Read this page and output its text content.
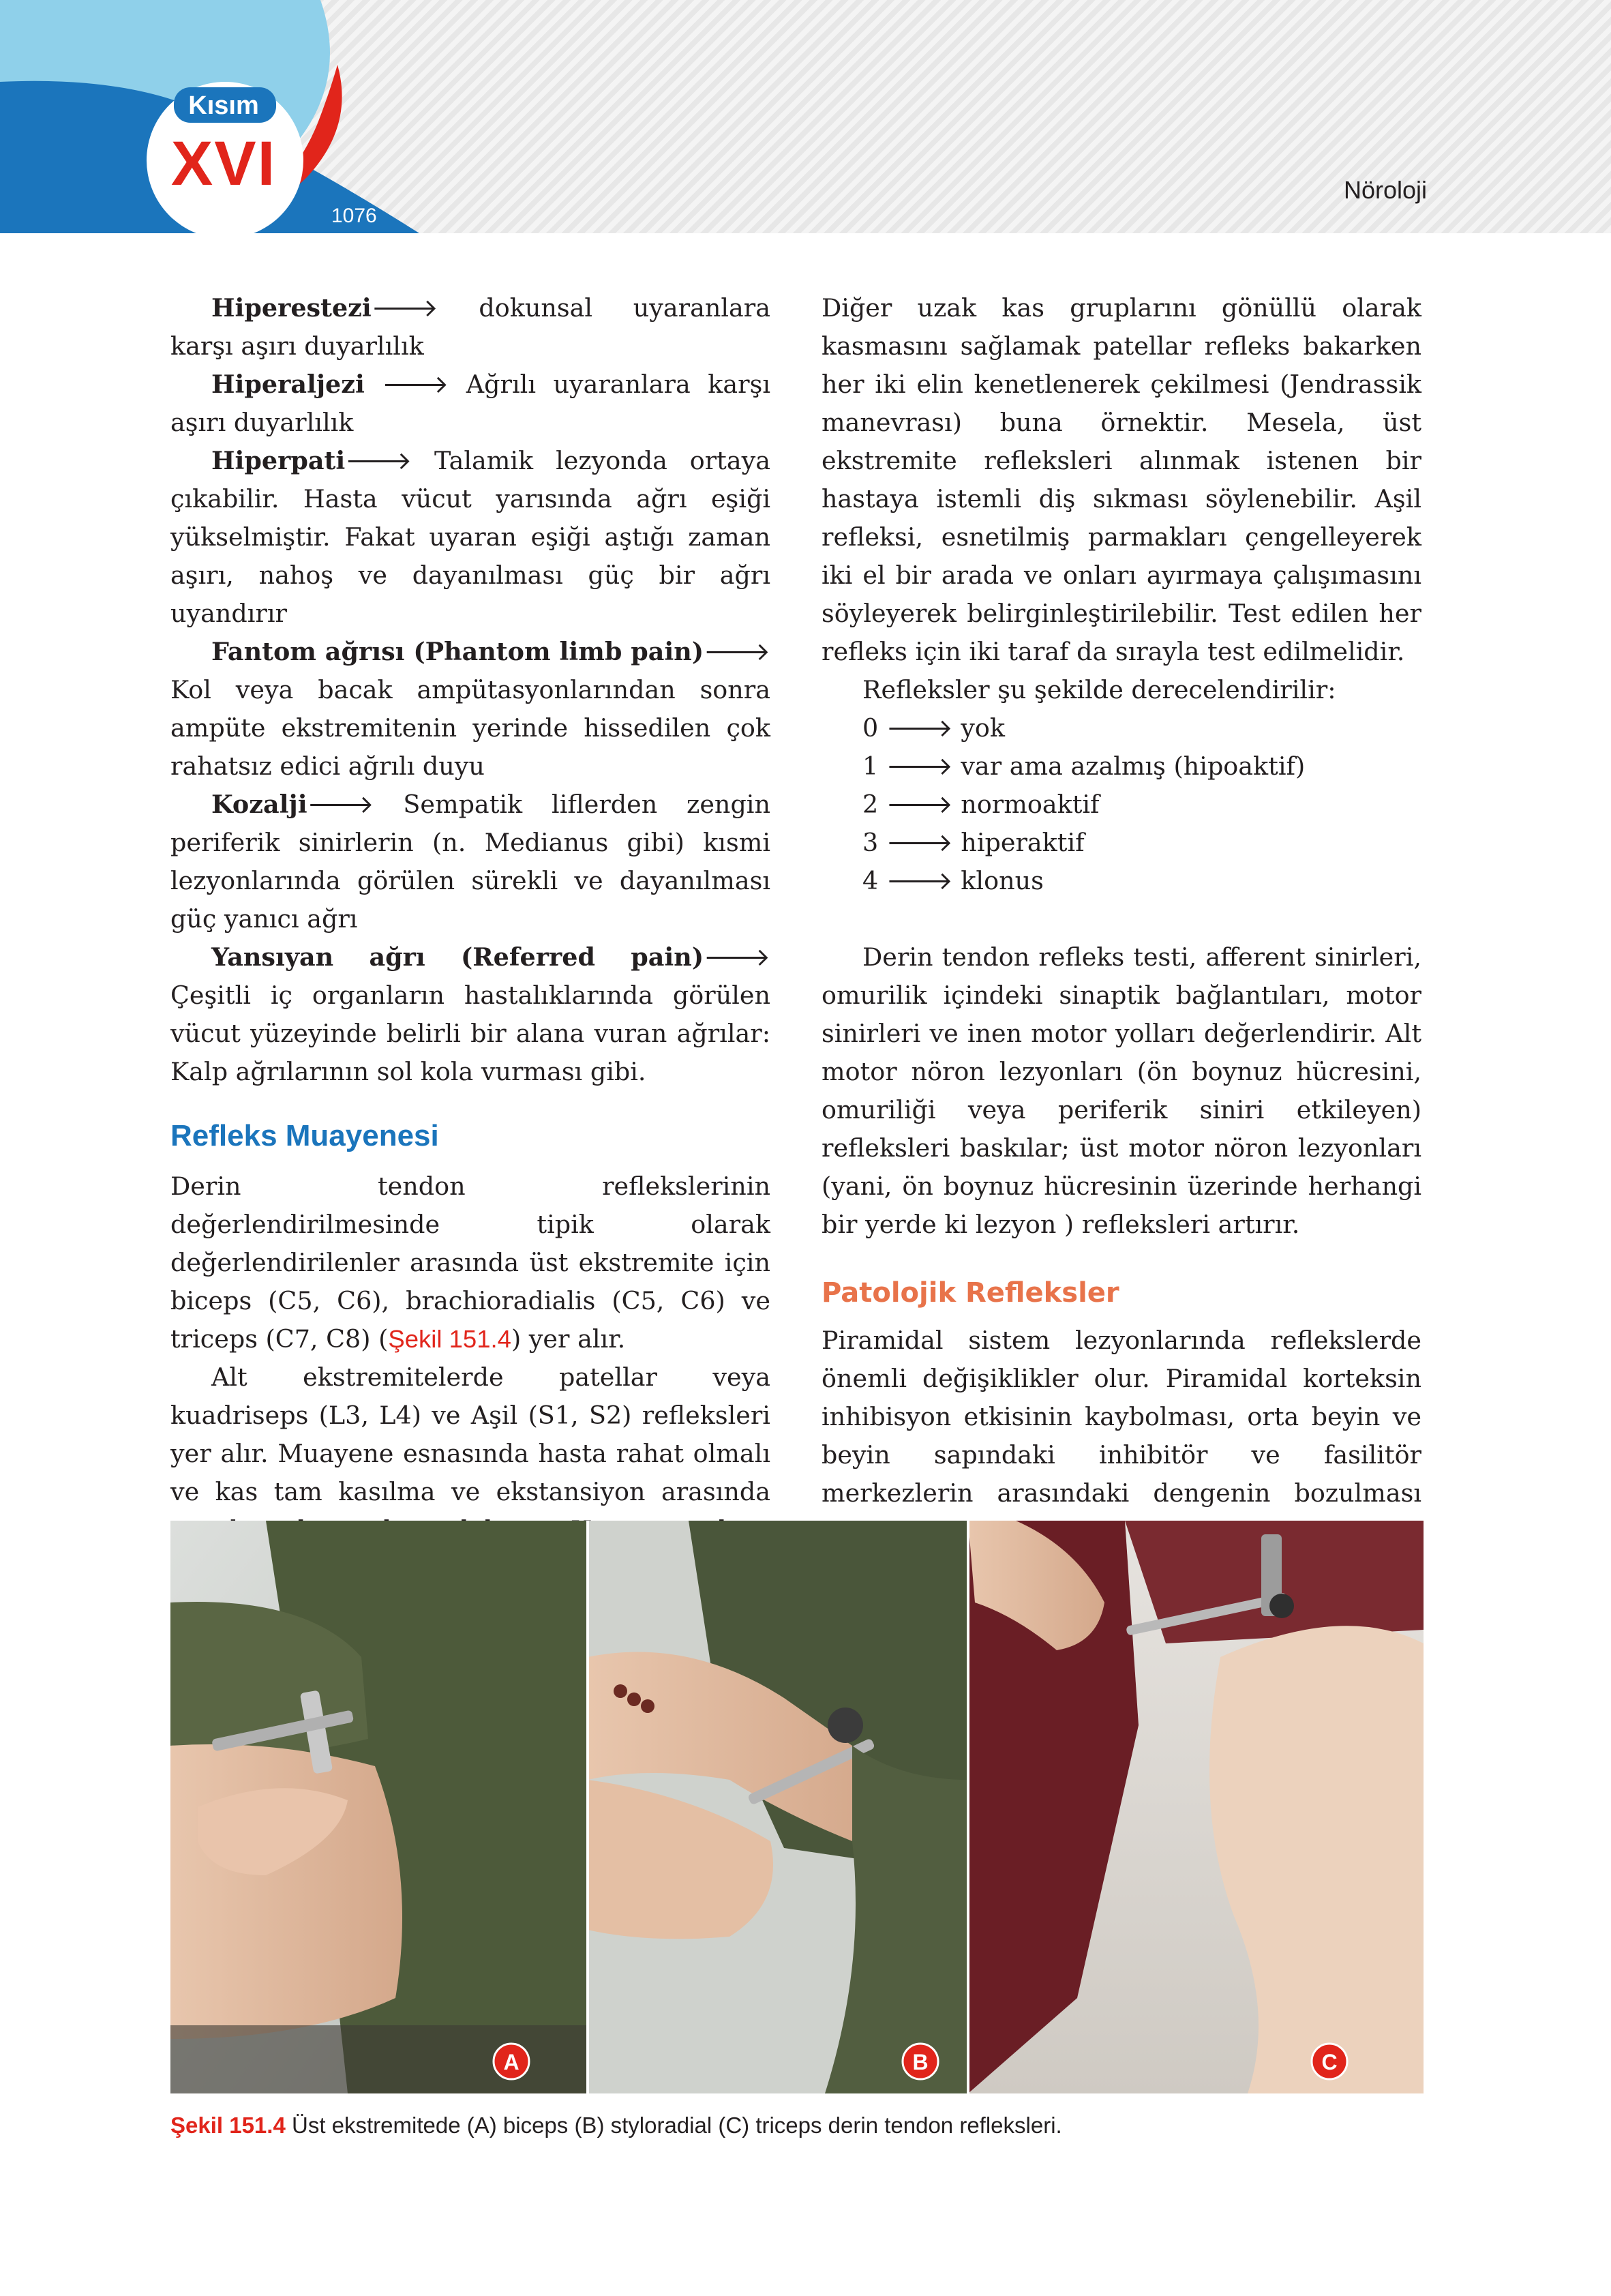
Kısım
XVI
1076
Nöroloji

Hiperestezi🡒 dokunsal uyaranlara karşı aşırı duyarlılık

Hiperaljezi 🡒 Ağrılı uyaranlara karşı aşırı duyarlılık

Hiperpati🡒 Talamik lezyonda ortaya çıkabilir. Hasta vücut yarısında ağrı eşiği yükselmiştir. Fakat uyaran eşiği aştığı zaman aşırı, nahoş ve dayanılması güç bir ağrı uyandırır

Fantom ağrısı (Phantom limb pain)🡒 Kol veya bacak ampütasyonlarından sonra ampüte ekstremitenin yerinde hissedilen çok rahatsız edici ağrılı duyu

Kozalji🡒 Sempatik liflerden zengin periferik sinirlerin (n. Medianus gibi) kısmi lezyonlarında görülen sürekli ve dayanılması güç yanıcı ağrı

Yansıyan ağrı (Referred pain)🡒 Çeşitli iç organların hastalıklarında görülen vücut yüzeyinde belirli bir alana vuran ağrılar: Kalp ağrılarının sol kola vurması gibi.

Refleks Muayenesi

Derin tendon reflekslerinin değerlendirilmesinde tipik olarak değerlendirilenler arasında üst ekstremite için biceps (C5, C6), brachioradialis (C5, C6) ve triceps (C7, C8) (Şekil 151.4) yer alır.

Alt ekstremitelerde patellar veya kuadriseps (L3, L4) ve Aşil (S1, S2) refleksleri yer alır. Muayene esnasında hasta rahat olmalı ve kas tam kasılma ve ekstansiyon arasında

Diğer uzak kas gruplarını gönüllü olarak kasmasını sağlamak patellar refleks bakarken her iki elin kenetlenerek çekilmesi (Jendrassik manevrası) buna örnektir. Mesela, üst ekstremite refleksleri alınmak istenen bir hastaya istemli diş sıkması söylenebilir. Aşil refleksi, esnetilmiş parmakları çengelleyerek iki el bir arada ve onları ayırmaya çalışımasını söyleyerek belirginleştirilebilir. Test edilen her refleks için iki taraf da sırayla test edilmelidir.

Refleksler şu şekilde derecelendirilir:

0 🡒 yok

1 🡒 var ama azalmış (hipoaktif)

2 🡒 normoaktif

3 🡒 hiperaktif

4 🡒 klonus

Derin tendon refleks testi, afferent sinirleri, omurilik içindeki sinaptik bağlantıları, motor sinirleri ve inen motor yolları değerlendirir. Alt motor nöron lezyonları (ön boynuz hücresini, omuriliği veya periferik siniri etkileyen) refleksleri baskılar; üst motor nöron lezyonları (yani, ön boynuz hücresinin üzerinde herhangi bir yerde ki lezyon ) refleksleri artırır.

Patolojik Refleksler

Piramidal sistem lezyonlarında reflekslerde önemli değişiklikler olur. Piramidal korteksin inhibisyon etkisinin kaybolması, orta beyin ve beyin sapındaki inhibitör ve fasilitör merkezlerin arasındaki dengenin bozulması

A	B	C
Şekil 151.4 Üst ekstremitede (A) biceps (B) styloradial (C) triceps derin tendon refleksleri.
